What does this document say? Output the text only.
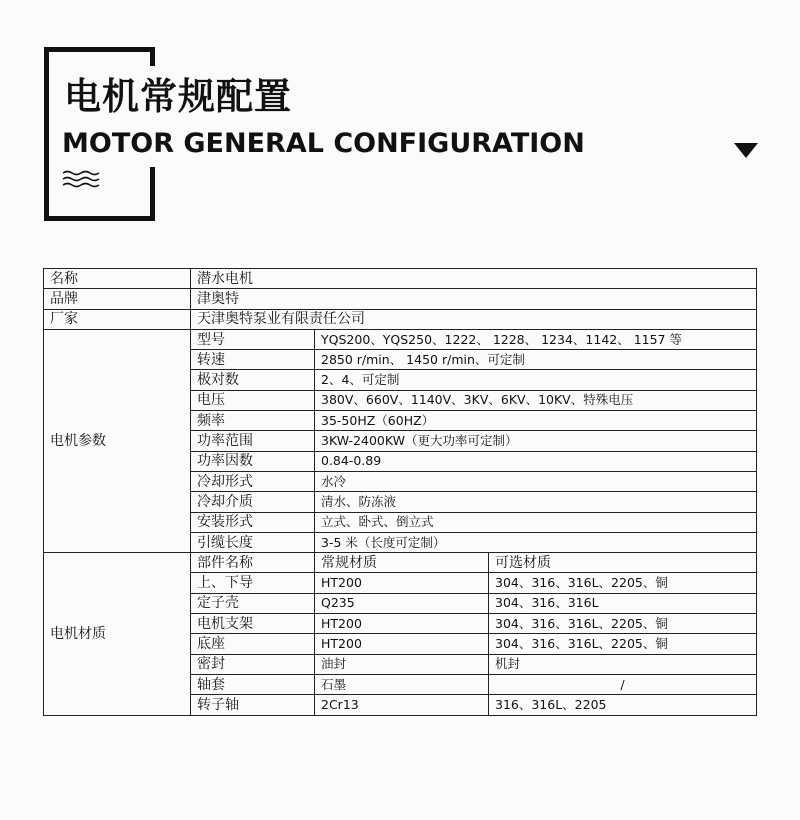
电机常规配置
MOTOR GENERAL CONFIGURATION
名称	潜水电机		
品牌	津奥特		
厂家	天津奥特泵业有限责任公司		
电机参数	型号	YQS200、YQS250、1222、 1228、 1234、1142、 1157 等	
	转速	2850 r/min、 1450 r/min、可定制	
	极对数	2、4、可定制	
	电压	380V、660V、1140V、3KV、6KV、10KV、特殊电压	
	频率	35-50HZ（60HZ）	
	功率范围	3KW-2400KW（更大功率可定制）	
	功率因数	0.84-0.89	
	冷却形式	水冷	
	冷却介质	清水、防冻液	
	安装形式	立式、卧式、倒立式	
	引缆长度	3-5 米（长度可定制）	
电机材质	部件名称	常规材质	可选材质
	上、下导	HT200	304、316、316L、2205、铜
	定子壳	Q235	304、316、316L
	电机支架	HT200	304、316、316L、2205、铜
	底座	HT200	304、316、316L、2205、铜
	密封	油封	机封
	轴套	石墨	/
	转子轴	2Cr13	316、316L、2205
